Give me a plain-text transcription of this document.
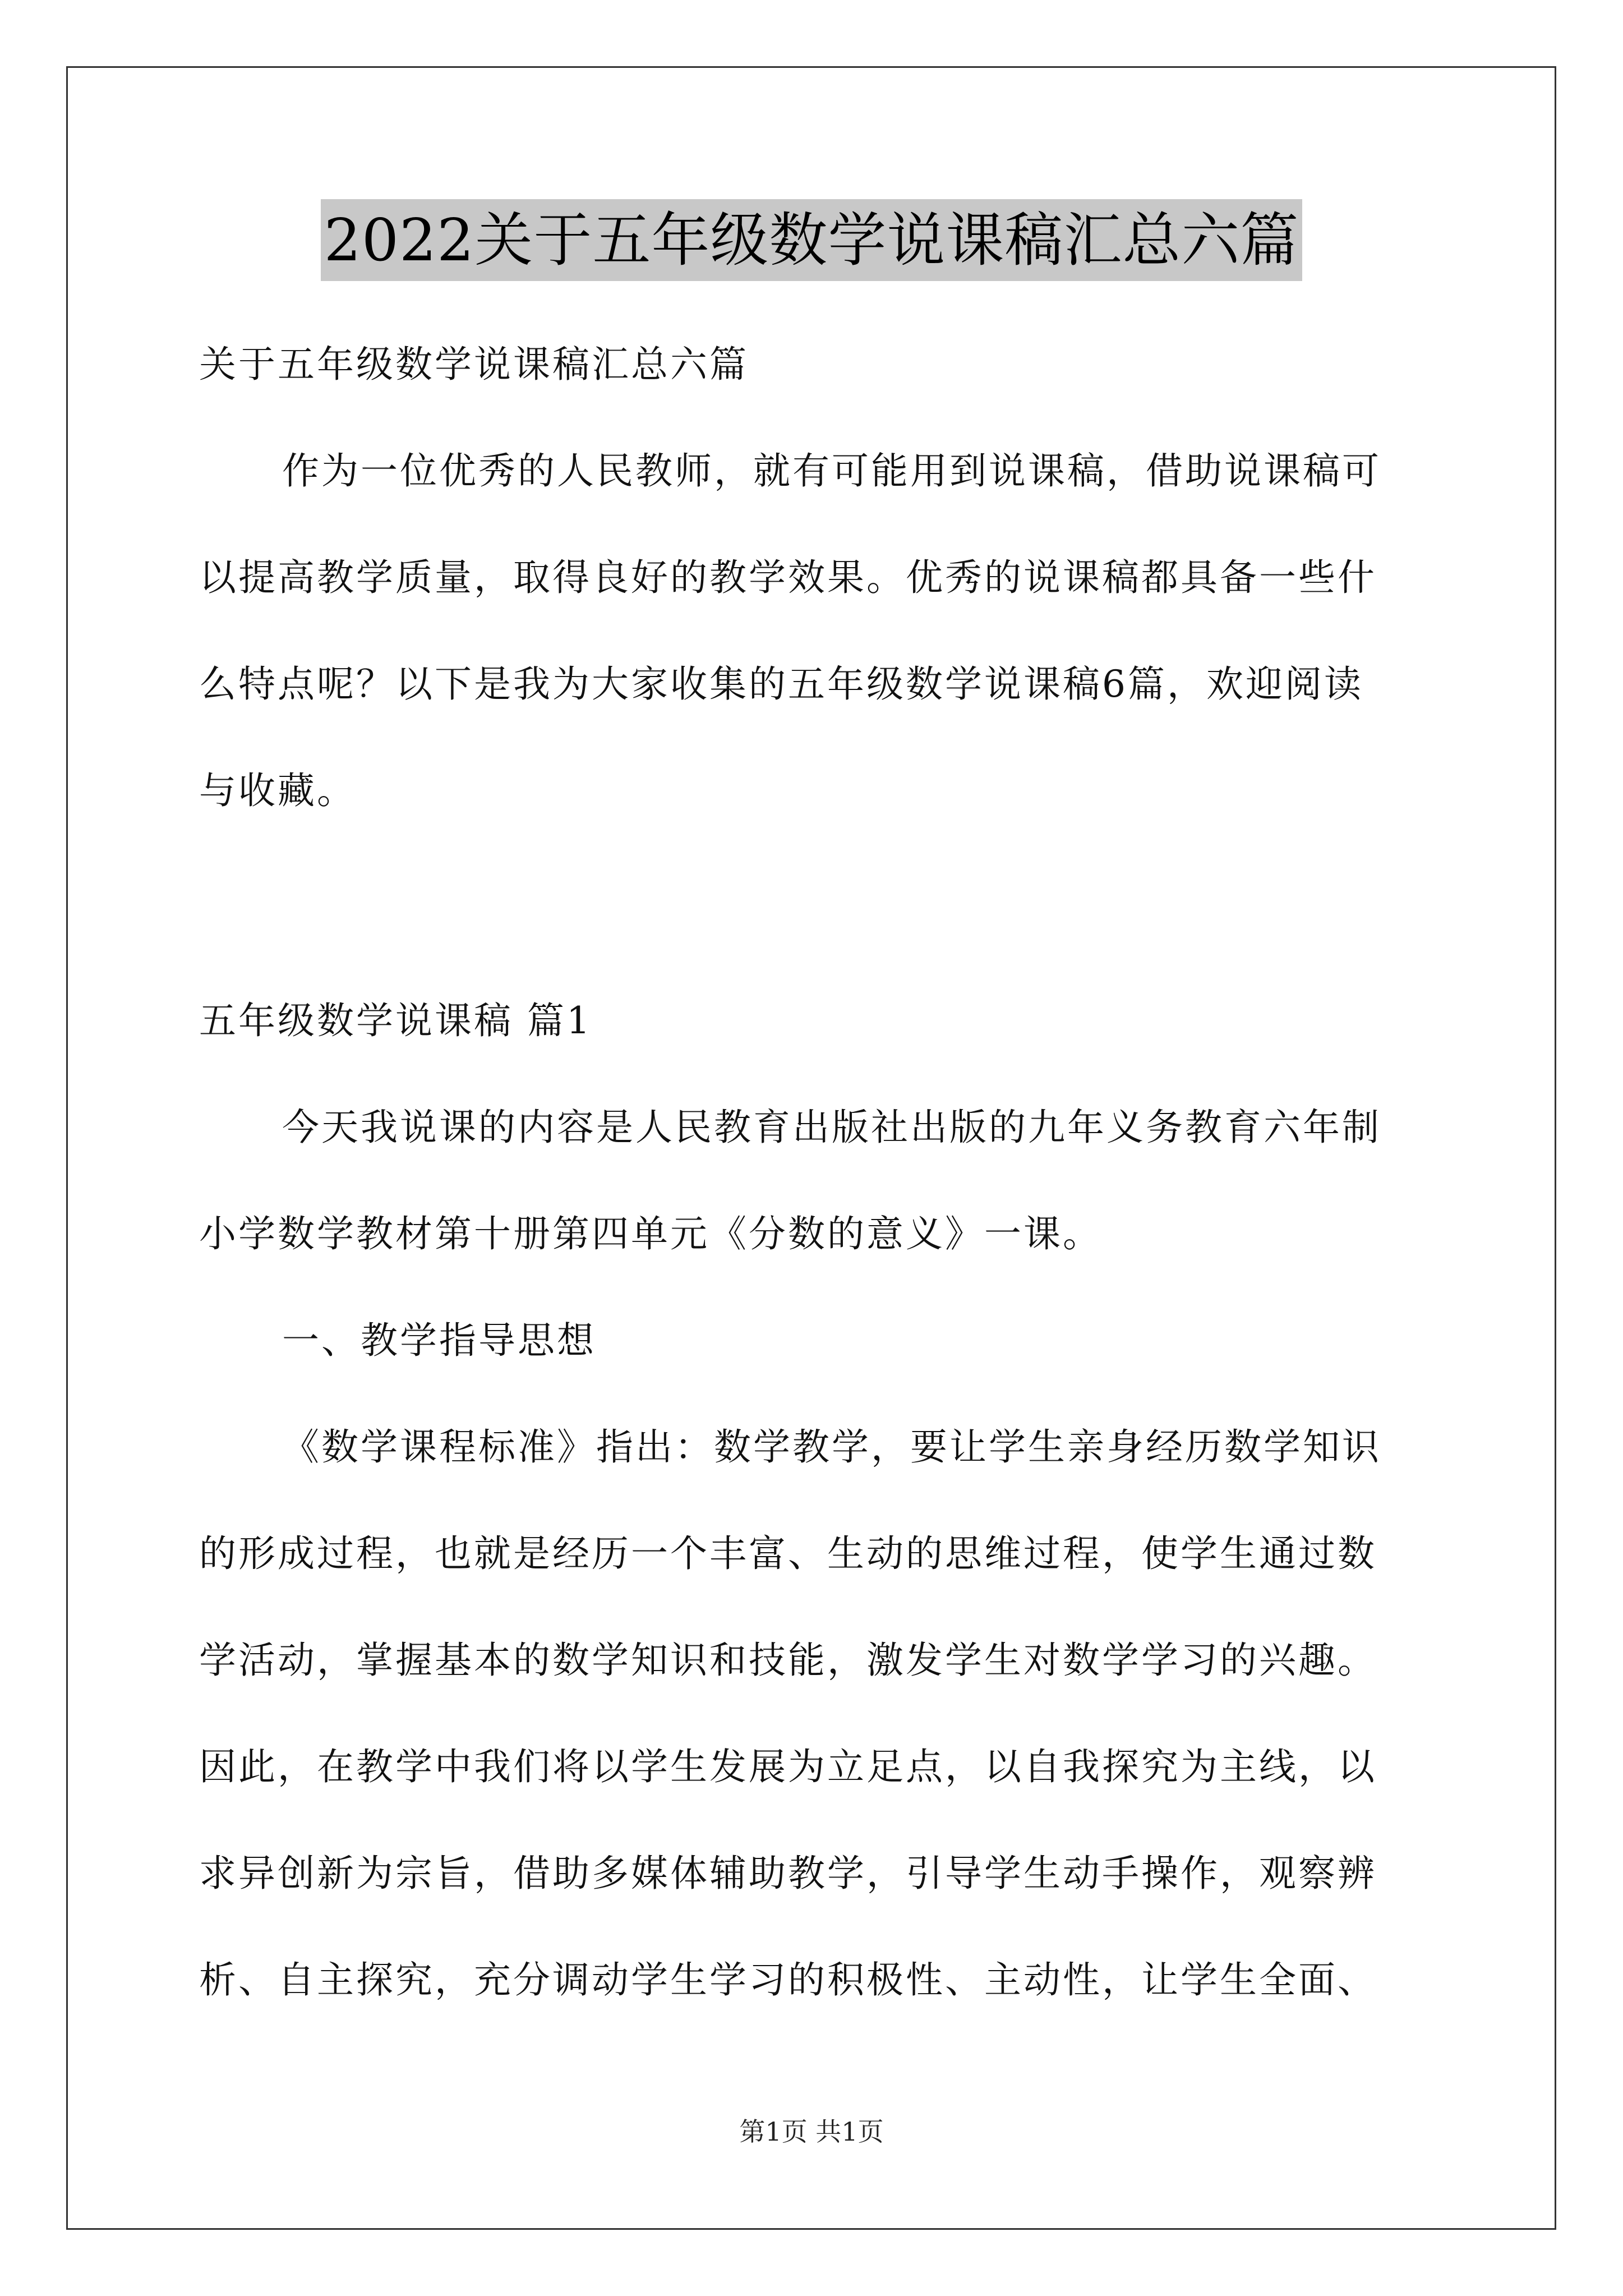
2022关于五年级数学说课稿汇总六篇
关于五年级数学说课稿汇总六篇
作为一位优秀的人民教师，就有可能用到说课稿，借助说课稿可
以提高教学质量，取得良好的教学效果。优秀的说课稿都具备一些什
么特点呢？以下是我为大家收集的五年级数学说课稿6篇，欢迎阅读
与收藏。
五年级数学说课稿 篇1
今天我说课的内容是人民教育出版社出版的九年义务教育六年制
小学数学教材第十册第四单元《分数的意义》一课。
一、教学指导思想
《数学课程标准》指出：数学教学，要让学生亲身经历数学知识
的形成过程，也就是经历一个丰富、生动的思维过程，使学生通过数
学活动，掌握基本的数学知识和技能，激发学生对数学学习的兴趣。
因此，在教学中我们将以学生发展为立足点，以自我探究为主线，以
求异创新为宗旨，借助多媒体辅助教学，引导学生动手操作，观察辨
析、自主探究，充分调动学生学习的积极性、主动性，让学生全面、
第1页 共1页
